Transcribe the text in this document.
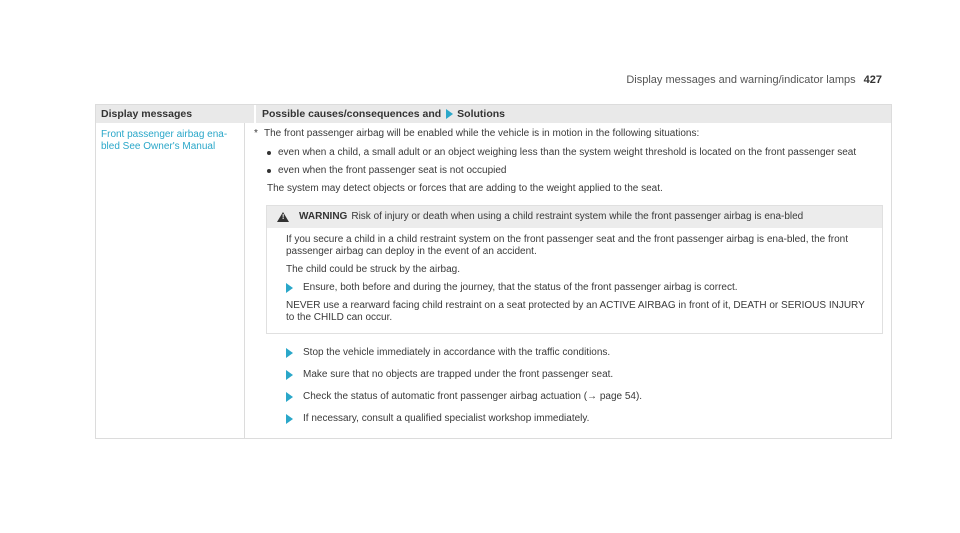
Display messages and warning/indicator lamps 427
Display messages	Possible causes/consequences and Solutions
Front passenger airbag ena-
bled See Owner's Manual
* The front passenger airbag will be enabled while the vehicle is in motion in the following situations:
even when a child, a small adult or an object weighing less than the system weight threshold is located on the front passenger seat
even when the front passenger seat is not occupied
The system may detect objects or forces that are adding to the weight applied to the seat.
! WARNING Risk of injury or death when using a child restraint system while the front passenger airbag is ena-bled
If you secure a child in a child restraint system on the front passenger seat and the front passenger airbag is ena-bled, the front passenger airbag can deploy in the event of an accident.
The child could be struck by the airbag.
Ensure, both before and during the journey, that the status of the front passenger airbag is correct.
NEVER use a rearward facing child restraint on a seat protected by an ACTIVE AIRBAG in front of it, DEATH or SERIOUS INJURY to the CHILD can occur.
Stop the vehicle immediately in accordance with the traffic conditions.
Make sure that no objects are trapped under the front passenger seat.
Check the status of automatic front passenger airbag actuation (→ page 54).
If necessary, consult a qualified specialist workshop immediately.
